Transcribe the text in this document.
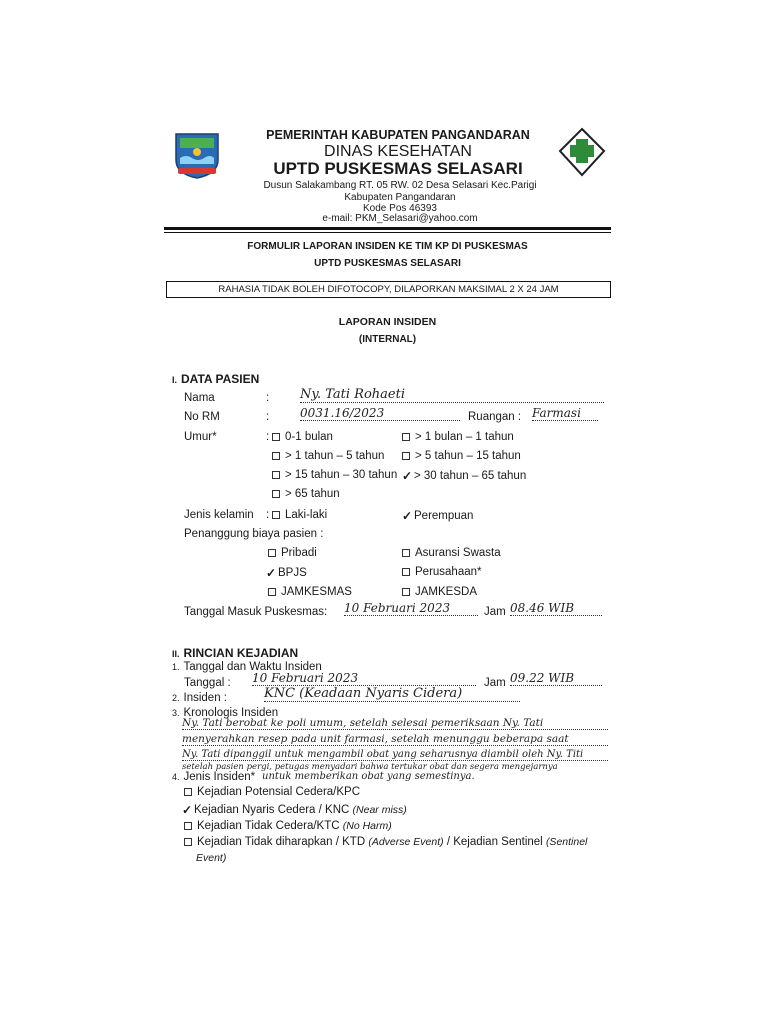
PEMERINTAH KABUPATEN PANGANDARAN
DINAS KESEHATAN
UPTD PUSKESMAS SELASARI
Dusun Salakambang RT. 05 RW. 02 Desa Selasari Kec.Parigi
Kabupaten Pangandaran
Kode Pos 46393
e-mail: PKM_Selasari@yahoo.com
FORMULIR LAPORAN INSIDEN KE TIM KP DI PUSKESMAS
UPTD PUSKESMAS SELASARI
RAHASIA TIDAK BOLEH DIFOTOCOPY, DILAPORKAN MAKSIMAL 2 X 24 JAM
LAPORAN INSIDEN
(INTERNAL)
I. DATA PASIEN
Nama	: Ny. Tati Rohaeti
No RM	:	0031.16/2023	Ruangan : Farmasi
Umur*	:	0-1 bulan	> 1 bulan – 1 tahun
> 1 tahun – 5 tahun	> 5 tahun – 15 tahun
> 15 tahun – 30 tahun ✓ > 30 tahun – 65 tahun
> 65 tahun
Jenis kelamin :	Laki-laki	✓ Perempuan
Penanggung biaya pasien :
Pribadi	Asuransi Swasta
✓ BPJS	Perusahaan*
JAMKESMAS	JAMKESDA
Tanggal Masuk Puskesmas: 10 Februari 2023	Jam 08.46 WIB
II. RINCIAN KEJADIAN
1. Tanggal dan Waktu Insiden
Tanggal : 10 Februari 2023	Jam 09.22 WIB
2. Insiden :	KNC (Keadaan Nyaris Cidera)
3. Kronologis Insiden
Ny. Tati berobat ke poli umum, setelah selesai pemeriksaan Ny. Tati
menyerahkan resep pada unit farmasi, setelah menunggu beberapa saat
Ny. Tati dipanggil untuk mengambil obat yang seharusnya diambil oleh Ny. Titi
setelah pasien pergi, petugas menyadari bahwa tertukar obat dan segera mengejarnya
untuk memberikan obat yang semestinya.
4. Jenis Insiden*
Kejadian Potensial Cedera/KPC
✓ Kejadian Nyaris Cedera / KNC (Near miss)
Kejadian Tidak Cedera/KTC (No Harm)
Kejadian Tidak diharapkan / KTD (Adverse Event) / Kejadian Sentinel (Sentinel
Event)
